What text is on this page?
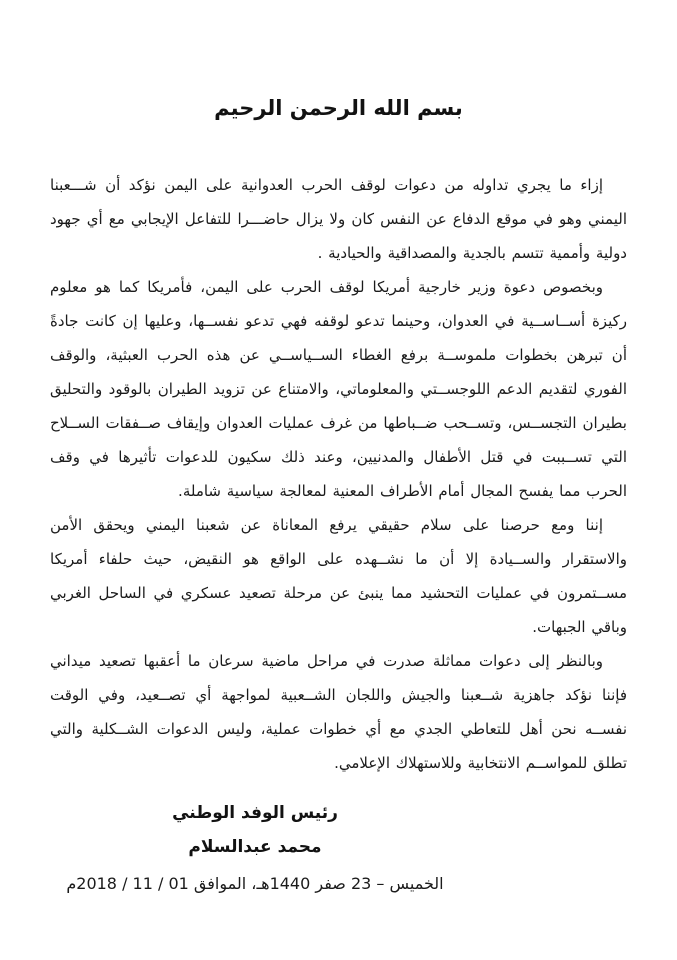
بسم الله الرحمن الرحيم

إزاء ما يجري تداوله من دعوات لوقف الحرب العدوانية على اليمن نؤكد أن شـــعبنا اليمني وهو في موقع الدفاع عن النفس كان ولا يزال حاضـــرا للتفاعل الإيجابي مع أي جهود دولية وأممية تتسم بالجدية والمصداقية والحيادية .

وبخصوص دعوة وزير خارجية أمريكا لوقف الحرب على اليمن، فأمريكا كما هو معلوم ركيزة أســاســية في العدوان، وحينما تدعو لوقفه فهي تدعو نفســها، وعليها إن كانت جادةً أن تبرهن بخطوات ملموســة برفع الغطاء الســياســي عن هذه الحرب العبثية، والوقف الفوري لتقديم الدعم اللوجســتي والمعلوماتي، والامتناع عن تزويد الطيران بالوقود والتحليق بطيران التجســس، وتســحب ضــباطها من غرف عمليات العدوان وإيقاف صــفقات الســلاح التي تســببت في قتل الأطفال والمدنيين، وعند ذلك سكيون للدعوات تأثيرها في وقف الحرب مما يفسح المجال أمام الأطراف المعنية لمعالجة سياسية شاملة.

إننا ومع حرصنا على سلام حقيقي يرفع المعاناة عن شعبنا اليمني ويحقق الأمن والاستقرار والســيادة إلا أن ما نشــهده على الواقع هو النقيض، حيث حلفاء أمريكا مســتمرون في عمليات التحشيد مما ينبئ عن مرحلة تصعيد عسكري في الساحل الغربي وباقي الجبهات.

وبالنظر إلى دعوات مماثلة صدرت في مراحل ماضية سرعان ما أعقبها تصعيد ميداني فإننا نؤكد جاهزية شــعبنا والجيش واللجان الشــعبية لمواجهة أي تصــعيد، وفي الوقت نفســه نحن أهل للتعاطي الجدي مع أي خطوات عملية، وليس الدعوات الشــكلية والتي تطلق للمواســم الانتخابية وللاستهلاك الإعلامي.

رئيس الوفد الوطني
محمد عبدالسلام
الخميس – 23 صفر 1440هـ، الموافق 01 / 11 / 2018م
